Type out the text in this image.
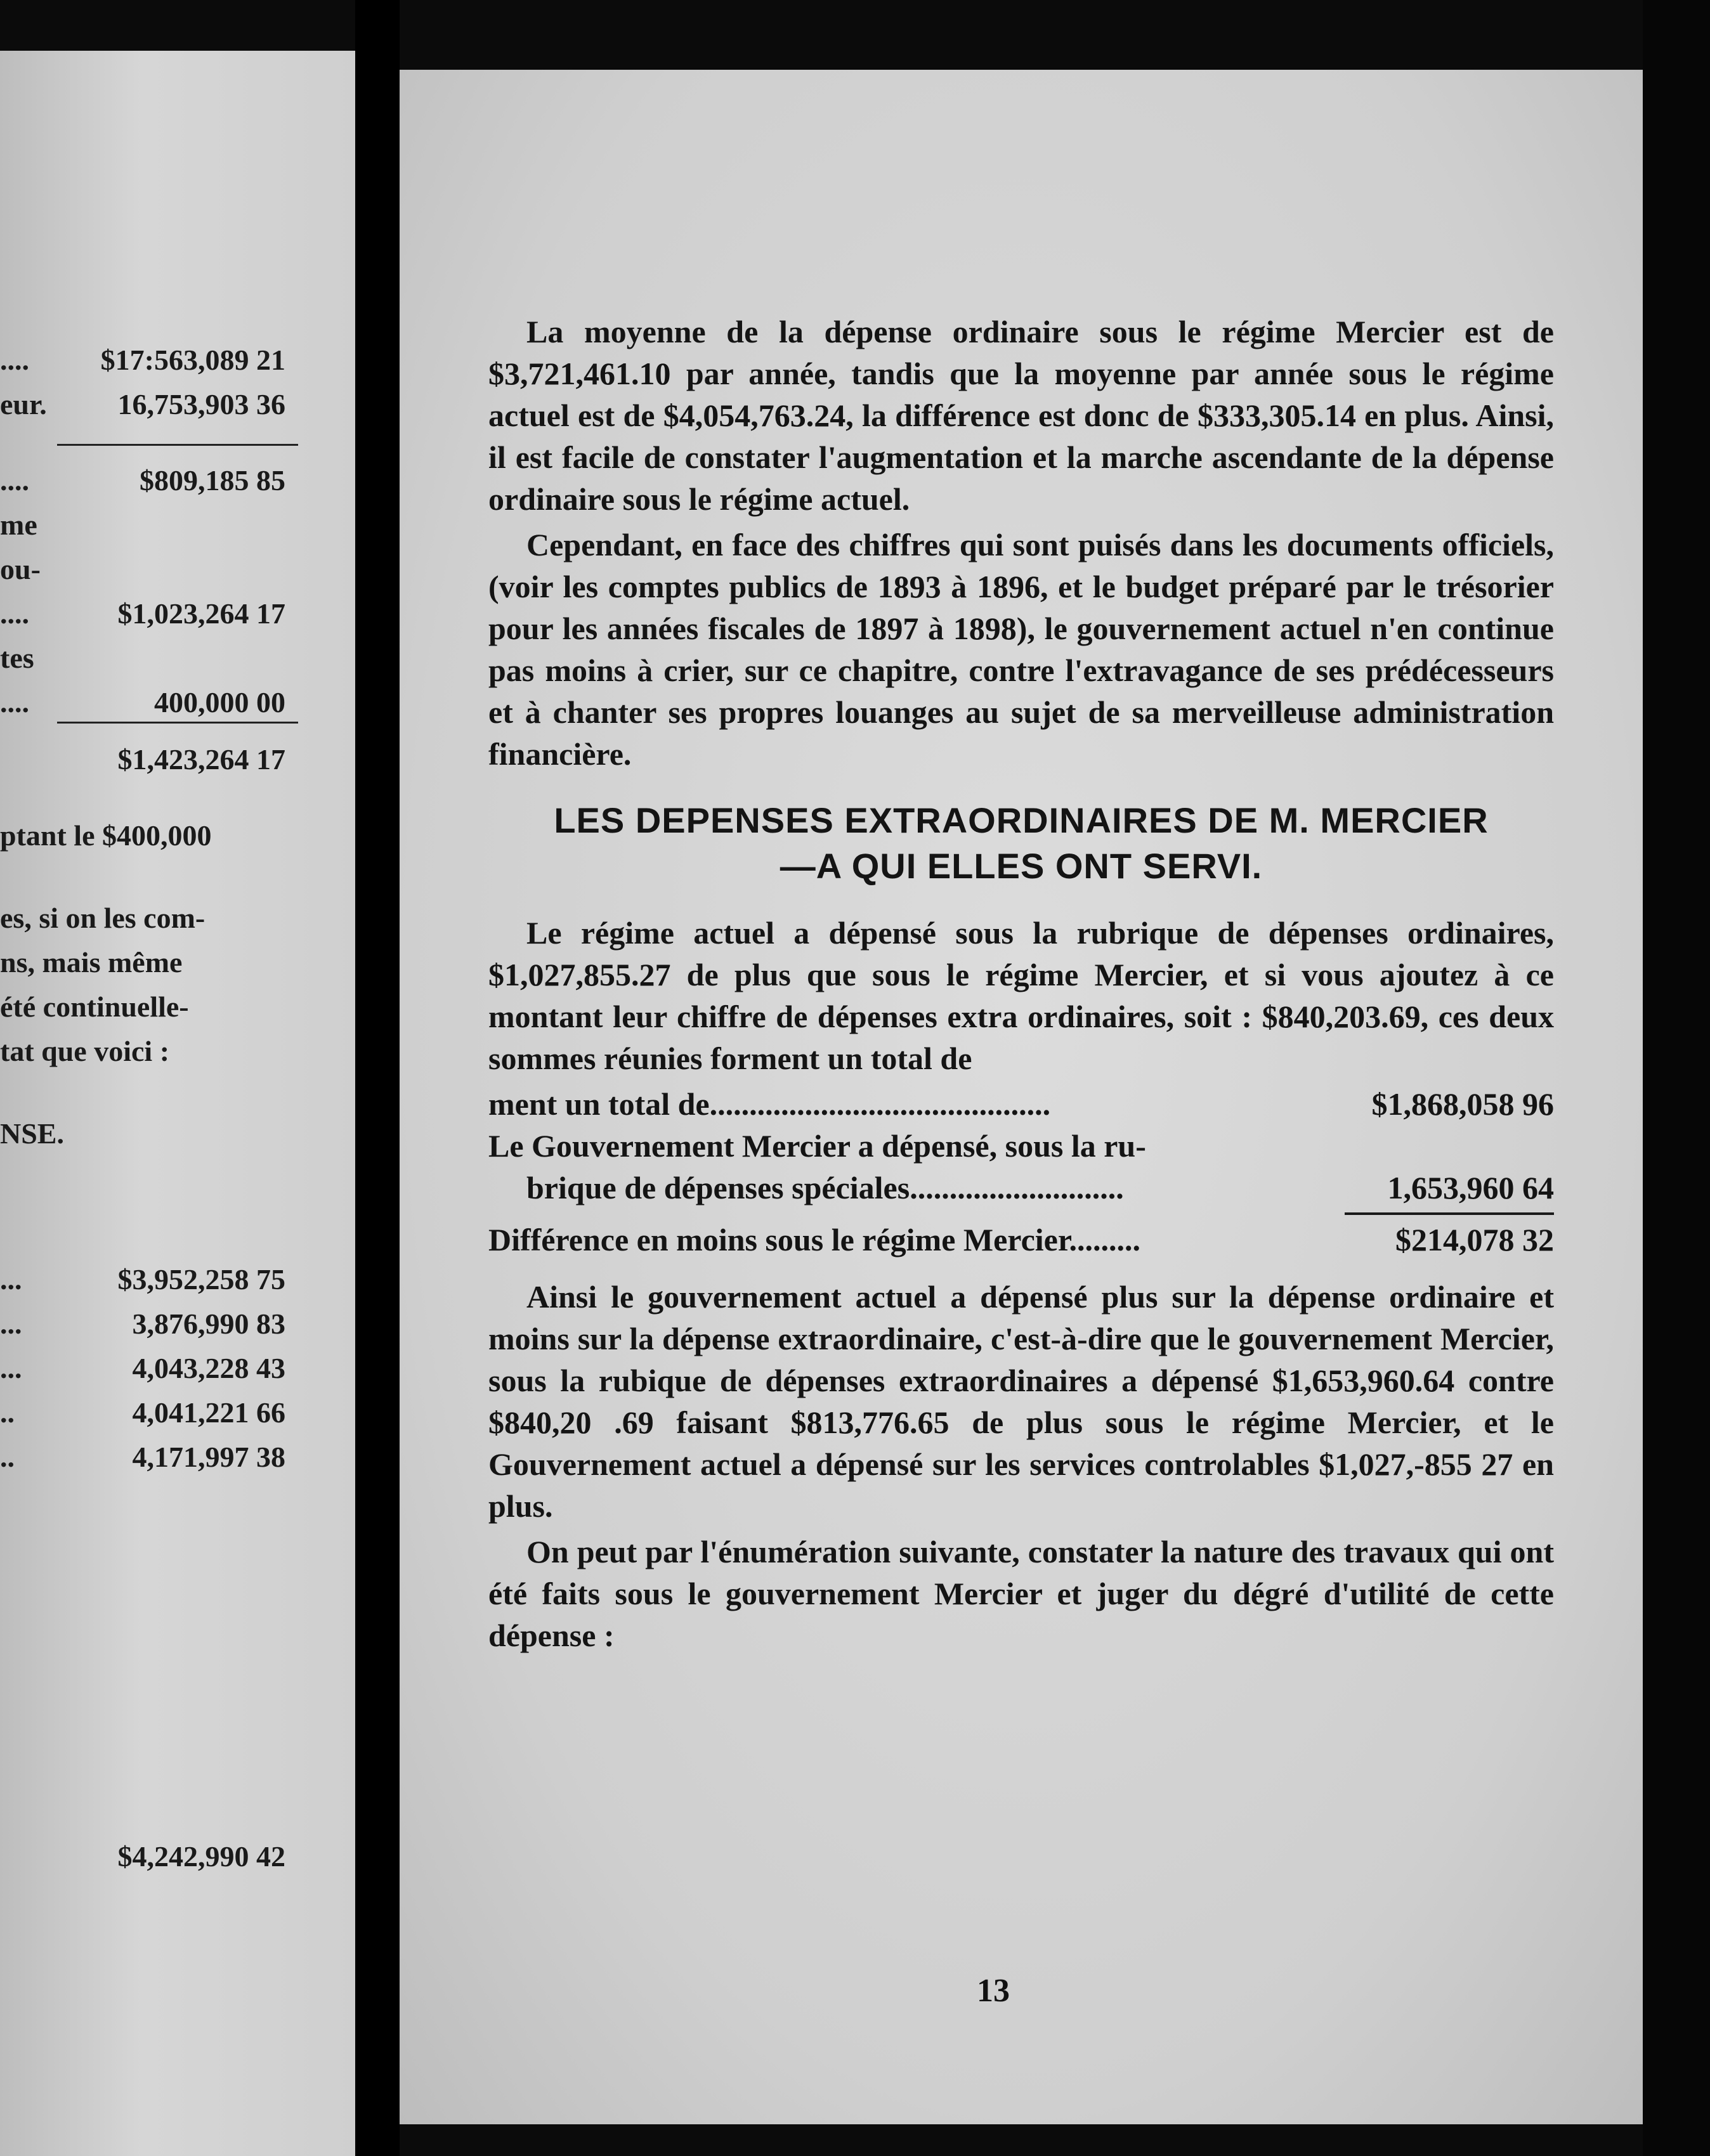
.... $17:563,089 21
eur. 16,753,903 36
....	$809,185 85
me
ou-
....	$1,023,264 17
tes
....	400,000 00
$1,423,264 17
ptant le $400,000
es, si on les com-
ns, mais même
été continuelle-
tat que voici :
NSE.
...	$3,952,258 75
...	3,876,990 83
...	4,043,228 43
..	4,041,221 66
..	4,171,997 38
$4,242,990 42

La moyenne de la dépense ordinaire sous le régime Mercier est de $3,721,461.10 par année, tandis que la moyenne par année sous le régime actuel est de $4,054,763.24, la différence est donc de $333,305.14 en plus. Ainsi, il est facile de constater l'augmentation et la marche ascendante de la dépense ordinaire sous le régime actuel.

Cependant, en face des chiffres qui sont puisés dans les documents officiels, (voir les comptes publics de 1893 à 1896, et le budget préparé par le trésorier pour les années fiscales de 1897 à 1898), le gouvernement actuel n'en continue pas moins à crier, sur ce chapitre, contre l'extravagance de ses prédécesseurs et à chanter ses propres louanges au sujet de sa merveilleuse administration financière.

LES DEPENSES EXTRAORDINAIRES DE M. MERCIER
—A QUI ELLES ONT SERVI.

Le régime actuel a dépensé sous la rubrique de dépenses ordinaires, $1,027,855.27 de plus que sous le régime Mercier, et si vous ajoutez à ce montant leur chiffre de dépenses extra ordinaires, soit : $840,203.69, ces deux sommes réunies forment un total de

ment un total de...........................................	$1,868,058 96
Le Gouvernement Mercier a dépensé, sous la ru-
brique de dépenses spéciales...........................	1,653,960 64
Différence en moins sous le régime Mercier.........	$214,078 32

Ainsi le gouvernement actuel a dépensé plus sur la dépense ordinaire et moins sur la dépense extraordinaire, c'est-à-dire que le gouvernement Mercier, sous la rubique de dépenses extraordinaires a dépensé $1,653,960.64 contre $840,20 .69 faisant $813,776.65 de plus sous le régime Mercier, et le Gouvernement actuel a dépensé sur les services controlables $1,027,-855 27 en plus.

On peut par l'énumération suivante, constater la nature des travaux qui ont été faits sous le gouvernement Mercier et juger du dégré d'utilité de cette dépense :

13
